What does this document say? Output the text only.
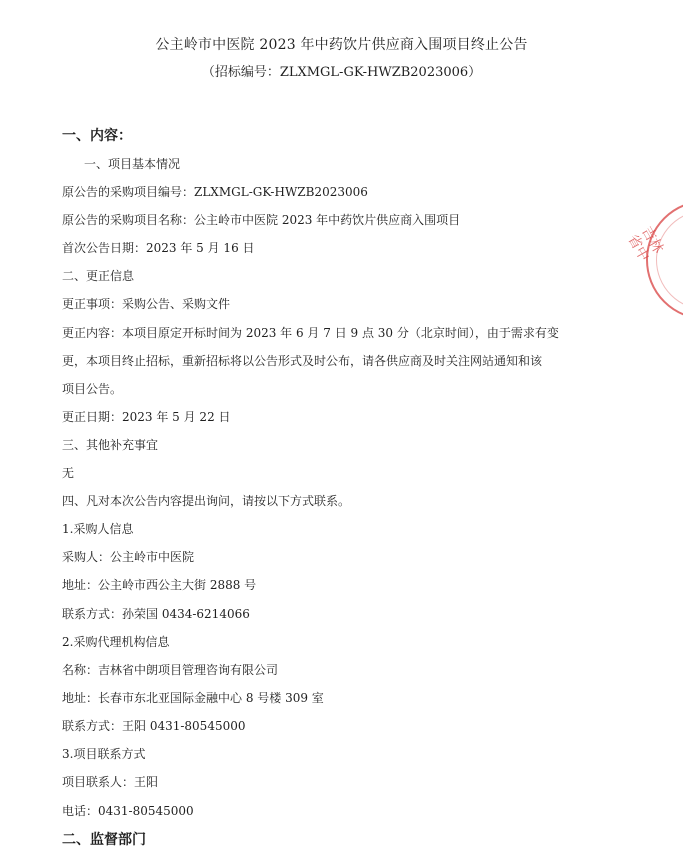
公主岭市中医院 2023 年中药饮片供应商入围项目终止公告
（招标编号：ZLXMGL-GK-HWZB2023006）
一、内容：
一、项目基本情况
原公告的采购项目编号：ZLXMGL-GK-HWZB2023006
原公告的采购项目名称：公主岭市中医院 2023 年中药饮片供应商入围项目
首次公告日期：2023 年 5 月 16 日
二、更正信息
更正事项：采购公告、采购文件
更正内容：本项目原定开标时间为 2023 年 6 月 7 日 9 点 30 分（北京时间），由于需求有变
更，本项目终止招标，重新招标将以公告形式及时公布，请各供应商及时关注网站通知和该
项目公告。
更正日期：2023 年 5 月 22 日
三、其他补充事宜
无
四、凡对本次公告内容提出询问，请按以下方式联系。
1.采购人信息
采购人：公主岭市中医院
地址：公主岭市西公主大街 2888 号
联系方式：孙荣国 0434-6214066
2.采购代理机构信息
名称：吉林省中朗项目管理咨询有限公司
地址：长春市东北亚国际金融中心 8 号楼 309 室
联系方式：王阳 0431-80545000
3.项目联系方式
项目联系人：王阳
电话：0431-80545000
二、监督部门
吉林省中
